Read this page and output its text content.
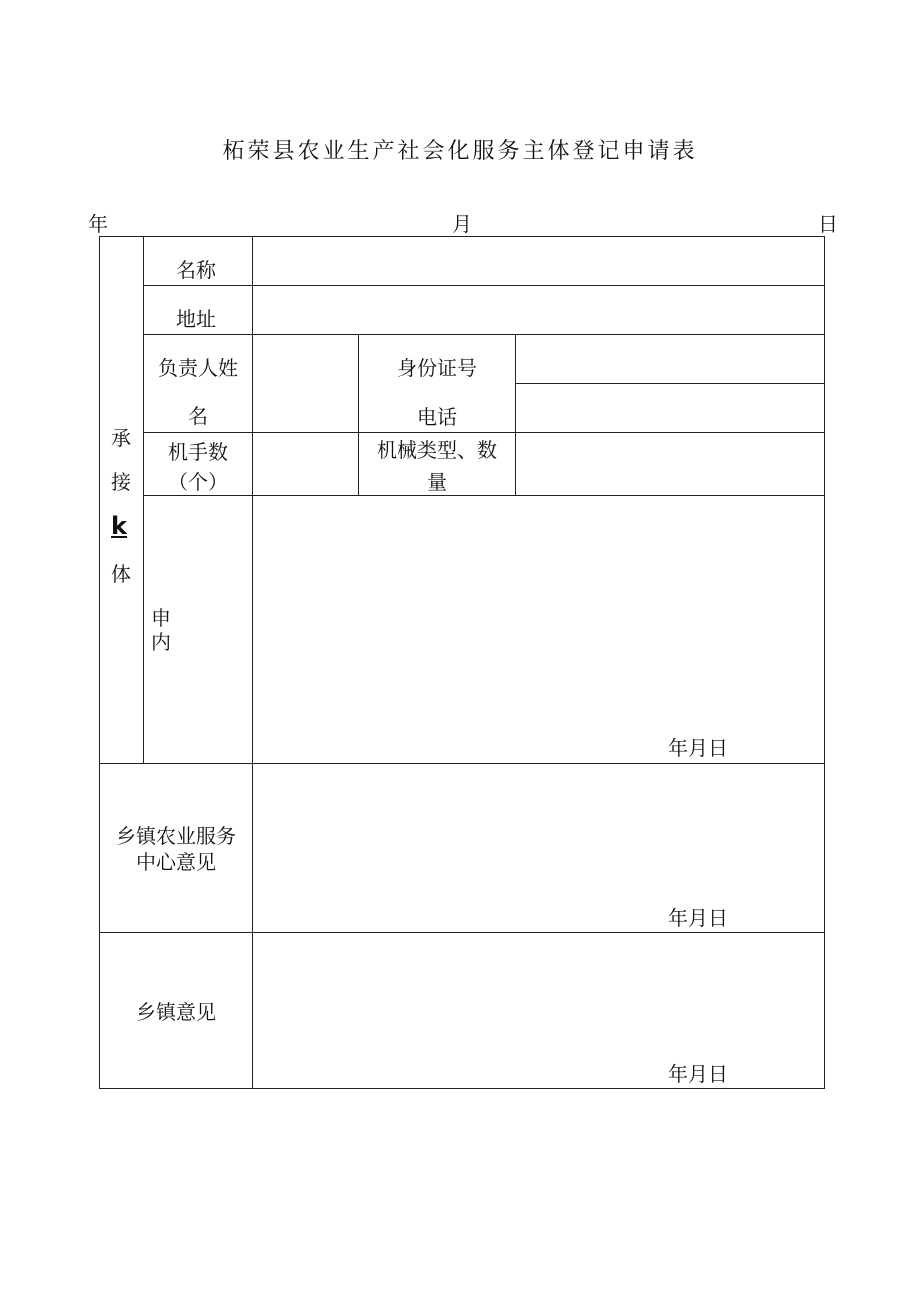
柘荣县农业生产社会化服务主体登记申请表
年	月	日
承
接
k
体
名称
地址
负责人姓
名
身份证号
电话
机手数
（个）
机械类型、数
量
申
内
年月日
乡镇农业服务
中心意见
年月日
乡镇意见
年月日
